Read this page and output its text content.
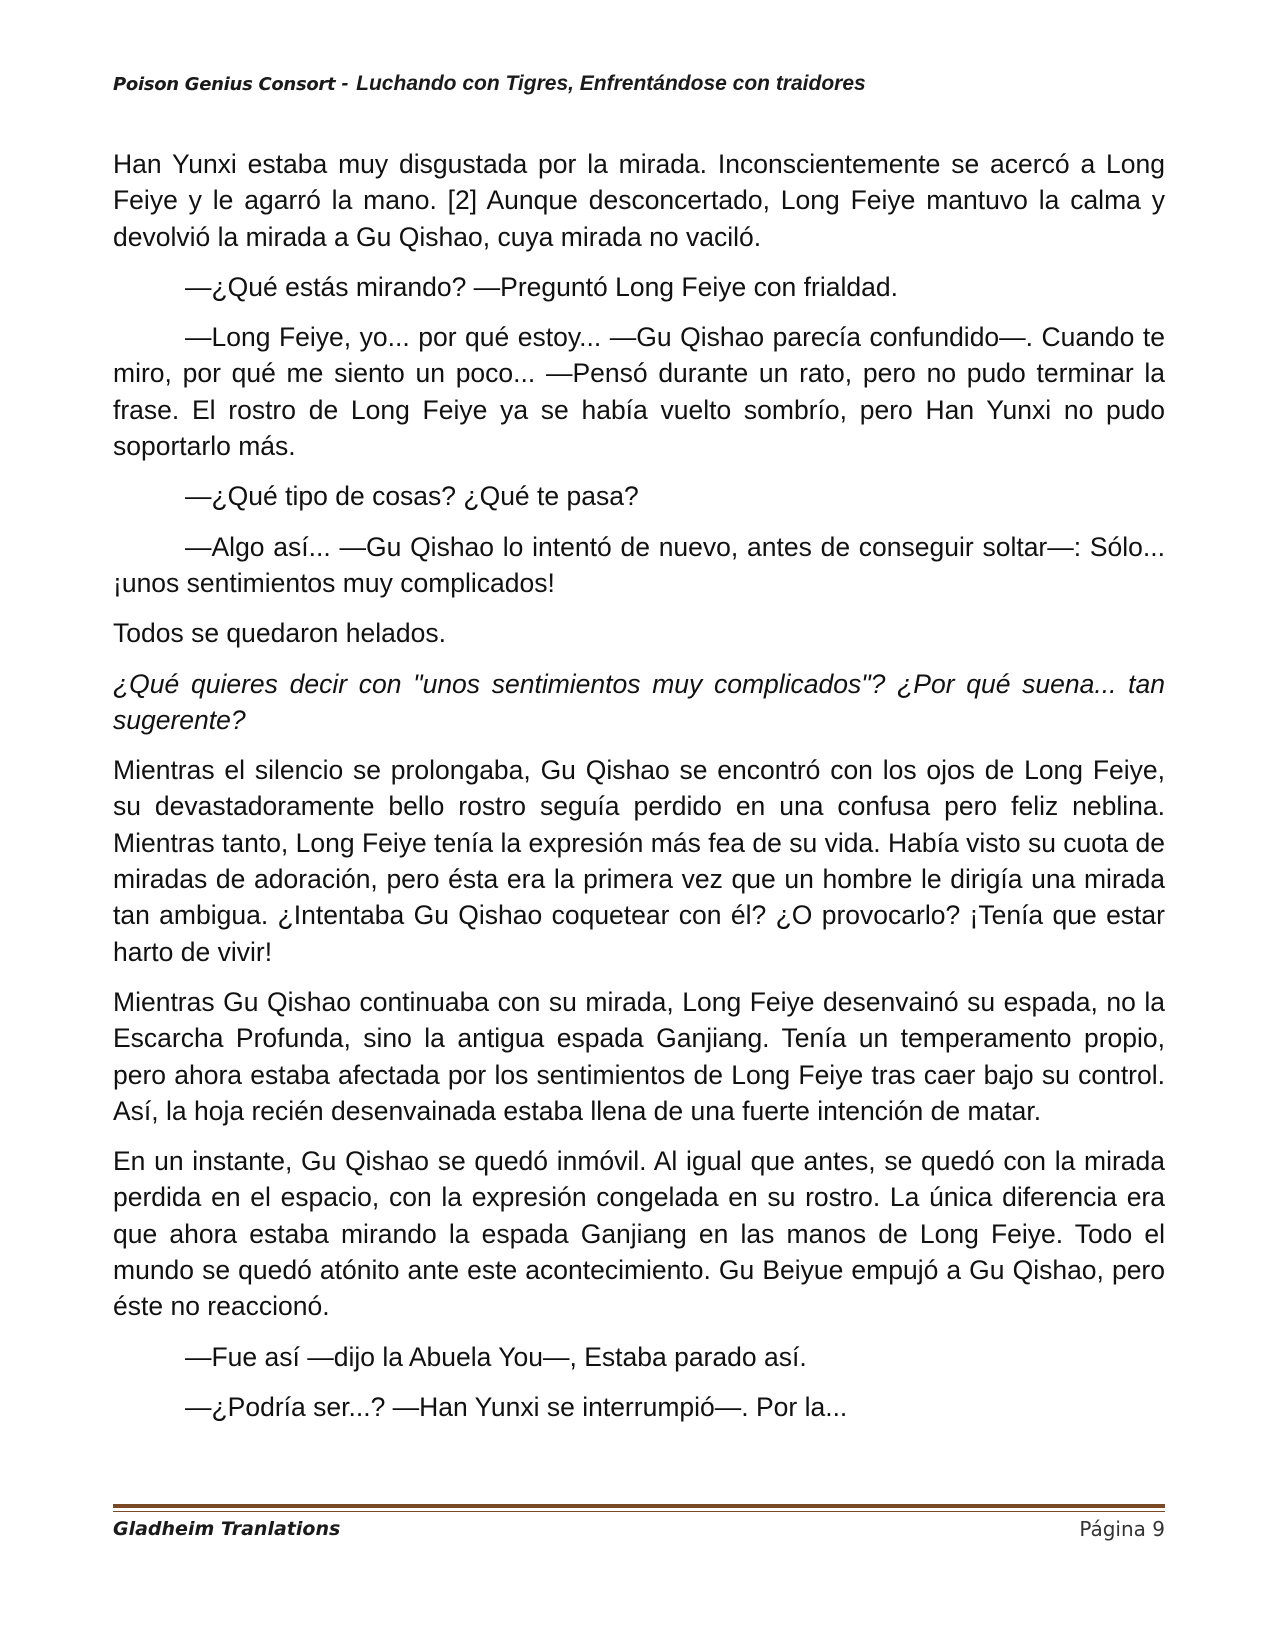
Poison Genius Consort - Luchando con Tigres, Enfrentándose con traidores

Han Yunxi estaba muy disgustada por la mirada. Inconscientemente se acercó a Long Feiye y le agarró la mano. [2] Aunque desconcertado, Long Feiye mantuvo la calma y devolvió la mirada a Gu Qishao, cuya mirada no vaciló.

—¿Qué estás mirando? —Preguntó Long Feiye con frialdad.

—Long Feiye, yo... por qué estoy... —Gu Qishao parecía confundido—. Cuando te miro, por qué me siento un poco... —Pensó durante un rato, pero no pudo terminar la frase. El rostro de Long Feiye ya se había vuelto sombrío, pero Han Yunxi no pudo soportarlo más.

—¿Qué tipo de cosas? ¿Qué te pasa?

—Algo así... —Gu Qishao lo intentó de nuevo, antes de conseguir soltar—: Sólo... ¡unos sentimientos muy complicados!

Todos se quedaron helados.

¿Qué quieres decir con "unos sentimientos muy complicados"? ¿Por qué suena... tan sugerente?

Mientras el silencio se prolongaba, Gu Qishao se encontró con los ojos de Long Feiye, su devastadoramente bello rostro seguía perdido en una confusa pero feliz neblina. Mientras tanto, Long Feiye tenía la expresión más fea de su vida. Había visto su cuota de miradas de adoración, pero ésta era la primera vez que un hombre le dirigía una mirada tan ambigua. ¿Intentaba Gu Qishao coquetear con él? ¿O provocarlo? ¡Tenía que estar harto de vivir!

Mientras Gu Qishao continuaba con su mirada, Long Feiye desenvainó su espada, no la Escarcha Profunda, sino la antigua espada Ganjiang. Tenía un temperamento propio, pero ahora estaba afectada por los sentimientos de Long Feiye tras caer bajo su control. Así, la hoja recién desenvainada estaba llena de una fuerte intención de matar.

En un instante, Gu Qishao se quedó inmóvil. Al igual que antes, se quedó con la mirada perdida en el espacio, con la expresión congelada en su rostro. La única diferencia era que ahora estaba mirando la espada Ganjiang en las manos de Long Feiye. Todo el mundo se quedó atónito ante este acontecimiento. Gu Beiyue empujó a Gu Qishao, pero éste no reaccionó.

—Fue así —dijo la Abuela You—, Estaba parado así.

—¿Podría ser...? —Han Yunxi se interrumpió—. Por la...

Gladheim Tranlations	Página 9
